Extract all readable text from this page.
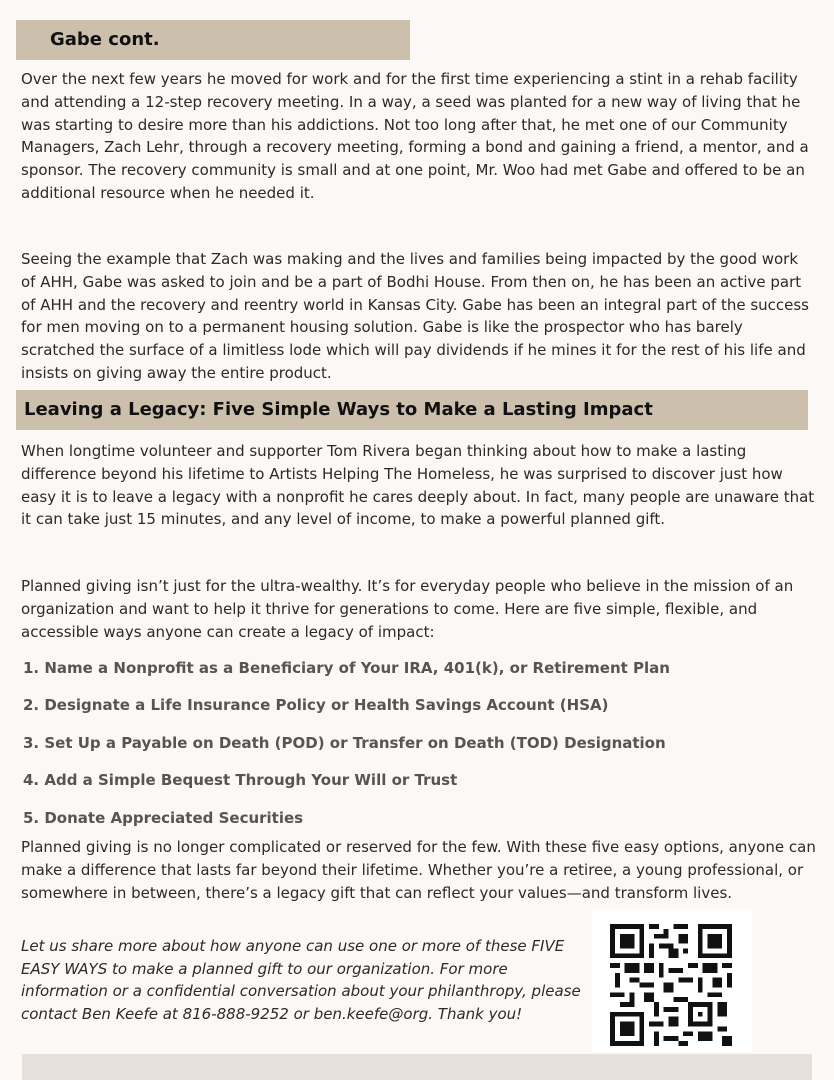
Gabe cont.

Over the next few years he moved for work and for the first time experiencing a stint in a rehab facility and attending a 12-step recovery meeting. In a way, a seed was planted for a new way of living that he was starting to desire more than his addictions. Not too long after that, he met one of our Community Managers, Zach Lehr, through a recovery meeting, forming a bond and gaining a friend, a mentor, and a sponsor. The recovery community is small and at one point, Mr. Woo had met Gabe and offered to be an additional resource when he needed it.

Seeing the example that Zach was making and the lives and families being impacted by the good work of AHH, Gabe was asked to join and be a part of Bodhi House. From then on, he has been an active part of AHH and the recovery and reentry world in Kansas City. Gabe has been an integral part of the success for men moving on to a permanent housing solution. Gabe is like the prospector who has barely scratched the surface of a limitless lode which will pay dividends if he mines it for the rest of his life and insists on giving away the entire product.

Leaving a Legacy: Five Simple Ways to Make a Lasting Impact

When longtime volunteer and supporter Tom Rivera began thinking about how to make a lasting difference beyond his lifetime to Artists Helping The Homeless, he was surprised to discover just how easy it is to leave a legacy with a nonprofit he cares deeply about. In fact, many people are unaware that it can take just 15 minutes, and any level of income, to make a powerful planned gift.

Planned giving isn’t just for the ultra-wealthy. It’s for everyday people who believe in the mission of an organization and want to help it thrive for generations to come. Here are five simple, flexible, and accessible ways anyone can create a legacy of impact:

1. Name a Nonprofit as a Beneficiary of Your IRA, 401(k), or Retirement Plan
2. Designate a Life Insurance Policy or Health Savings Account (HSA)
3. Set Up a Payable on Death (POD) or Transfer on Death (TOD) Designation
4. Add a Simple Bequest Through Your Will or Trust
5. Donate Appreciated Securities

Planned giving is no longer complicated or reserved for the few. With these five easy options, anyone can make a difference that lasts far beyond their lifetime. Whether you’re a retiree, a young professional, or somewhere in between, there’s a legacy gift that can reflect your values—and transform lives.

Let us share more about how anyone can use one or more of these FIVE EASY WAYS to make a planned gift to our organization. For more information or a confidential conversation about your philanthropy, please contact Ben Keefe at 816-888-9252 or ben.keefe@org. Thank you!
